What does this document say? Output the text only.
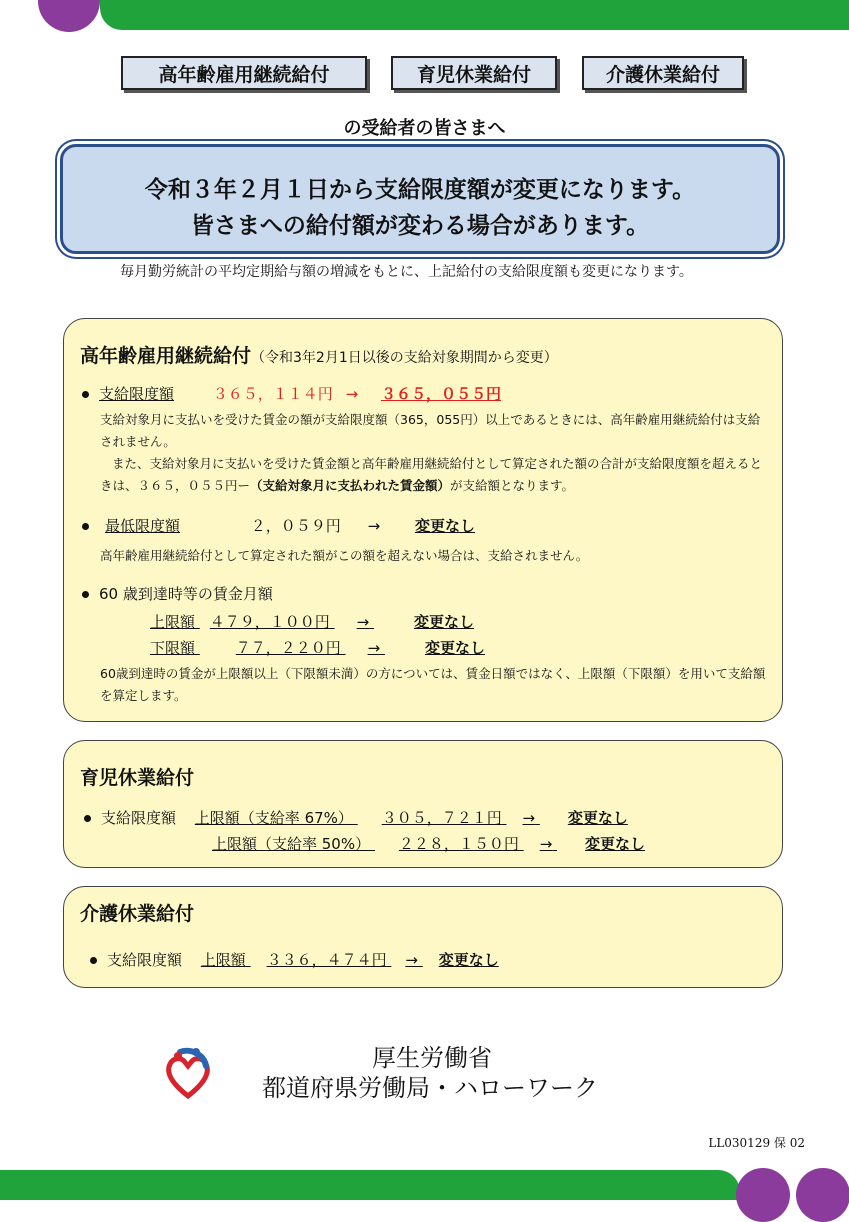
高年齢雇用継続給付	育児休業給付	介護休業給付
の受給者の皆さまへ
令和３年２月１日から支給限度額が変更になります。
皆さまへの給付額が変わる場合があります。
毎月勤労統計の平均定期給与額の増減をもとに、上記給付の支給限度額も変更になります。
高年齢雇用継続給付（令和3年2月1日以後の支給対象期間から変更）
支給限度額	３６５，１１４円 → ３６５，０５５円
支給対象月に支払いを受けた賃金の額が支給限度額（365，055円）以上であるときには、高年齢雇用継続給付は支給されません。
また、支給対象月に支払いを受けた賃金額と高年齢雇用継続給付として算定された額の合計が支給限度額を超えるときは、３６５，０５５円ー（支給対象月に支払われた賃金額）が支給額となります。
最低限度額	２，０５９円 → 変更なし
高年齢雇用継続給付として算定された額がこの額を超えない場合は、支給されません。
60 歳到達時等の賃金月額
上限額 ４７９，１００円 →	変更なし
下限額	７７，２２０円 →	変更なし
60歳到達時の賃金が上限額以上（下限額未満）の方については、賃金日額ではなく、上限額（下限額）を用いて支給額を算定します。
育児休業給付
支給限度額 上限額（支給率 67%） ３０５，７２１円 → 変更なし
上限額（支給率 50%） ２２８，１５０円 → 変更なし
介護休業給付
支給限度額 上限額 ３３６，４７４円 → 変更なし
厚生労働省
都道府県労働局・ハローワーク
LL030129 保 02
